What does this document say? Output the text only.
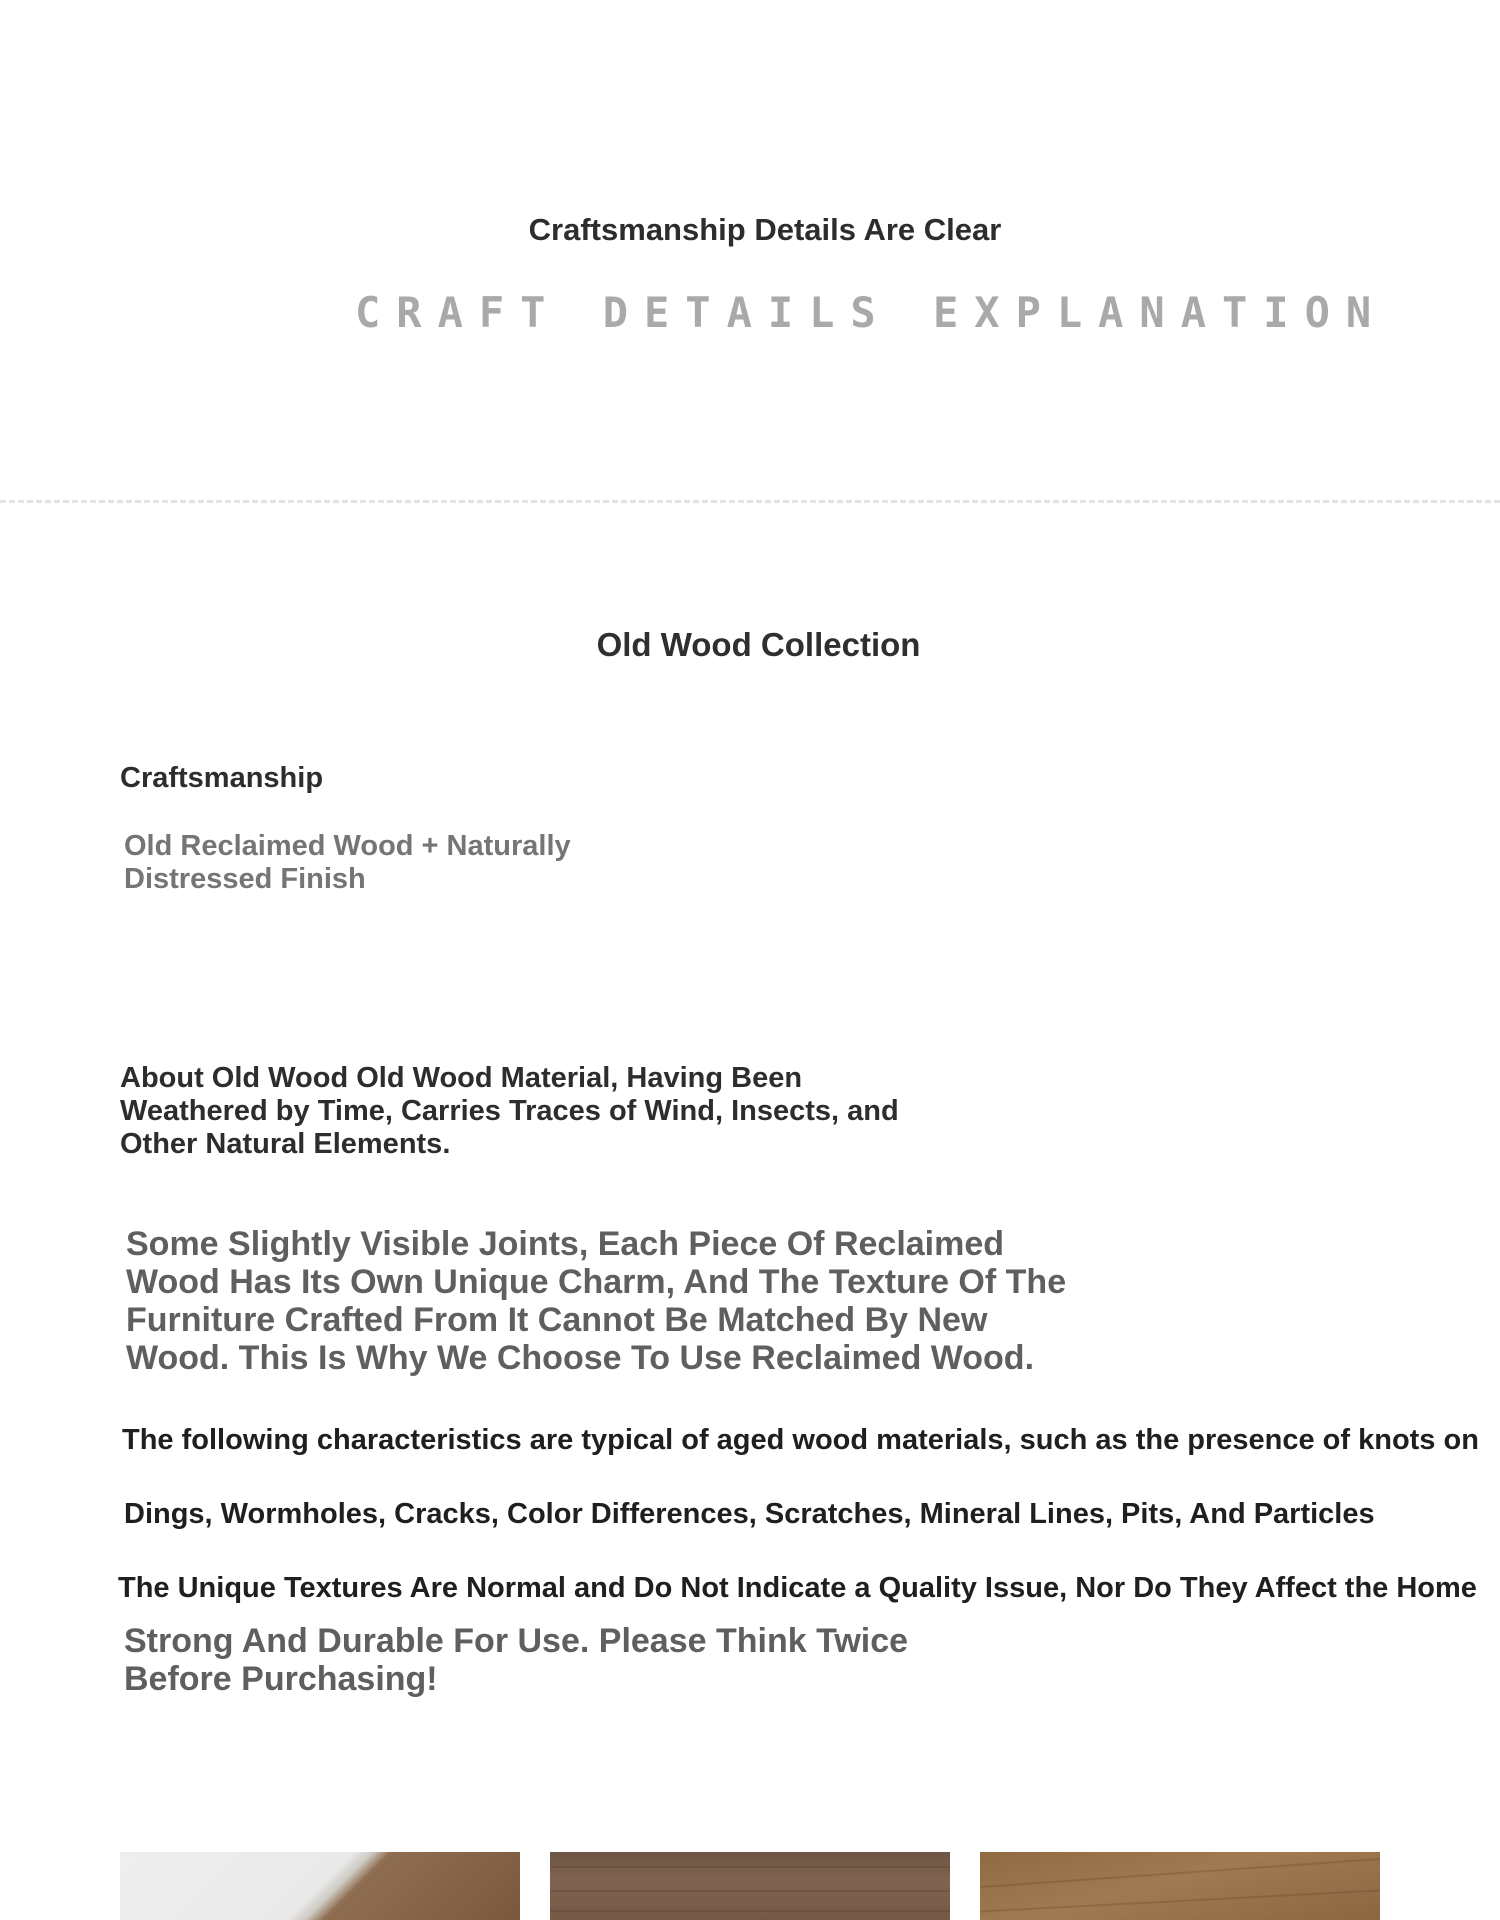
Craftsmanship Details Are Clear
CRAFT DETAILS EXPLANATION
Old Wood Collection
Craftsmanship
Old Reclaimed Wood + Naturally Distressed Finish
About Old Wood Old Wood Material, Having Been Weathered by Time, Carries Traces of Wind, Insects, and Other Natural Elements.
Some Slightly Visible Joints, Each Piece Of Reclaimed Wood Has Its Own Unique Charm, And The Texture Of The Furniture Crafted From It Cannot Be Matched By New Wood. This Is Why We Choose To Use Reclaimed Wood.
The following characteristics are typical of aged wood materials, such as the presence of knots on
Dings, Wormholes, Cracks, Color Differences, Scratches, Mineral Lines, Pits, And Particles
The Unique Textures Are Normal and Do Not Indicate a Quality Issue, Nor Do They Affect the Home
Strong And Durable For Use. Please Think Twice Before Purchasing!
